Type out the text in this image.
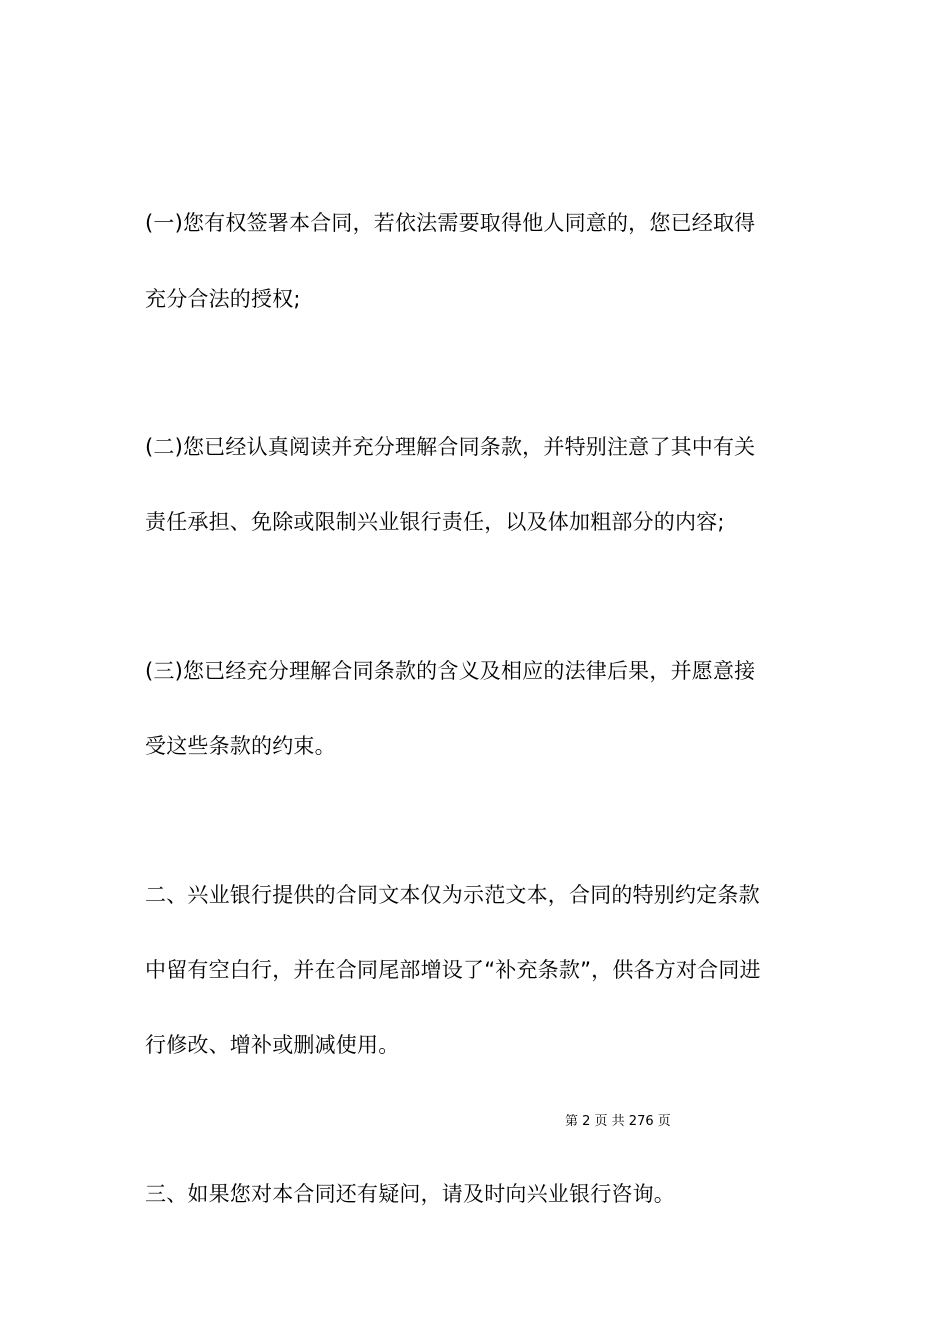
(一)您有权签署本合同，若依法需要取得他人同意的，您已经取得
充分合法的授权;
(二)您已经认真阅读并充分理解合同条款，并特别注意了其中有关
责任承担、免除或限制兴业银行责任，以及体加粗部分的内容;
(三)您已经充分理解合同条款的含义及相应的法律后果，并愿意接
受这些条款的约束。
二、兴业银行提供的合同文本仅为示范文本，合同的特别约定条款
中留有空白行，并在合同尾部增设了“补充条款”，供各方对合同进
行修改、增补或删减使用。
第 2 页 共 276 页
三、如果您对本合同还有疑问，请及时向兴业银行咨询。
